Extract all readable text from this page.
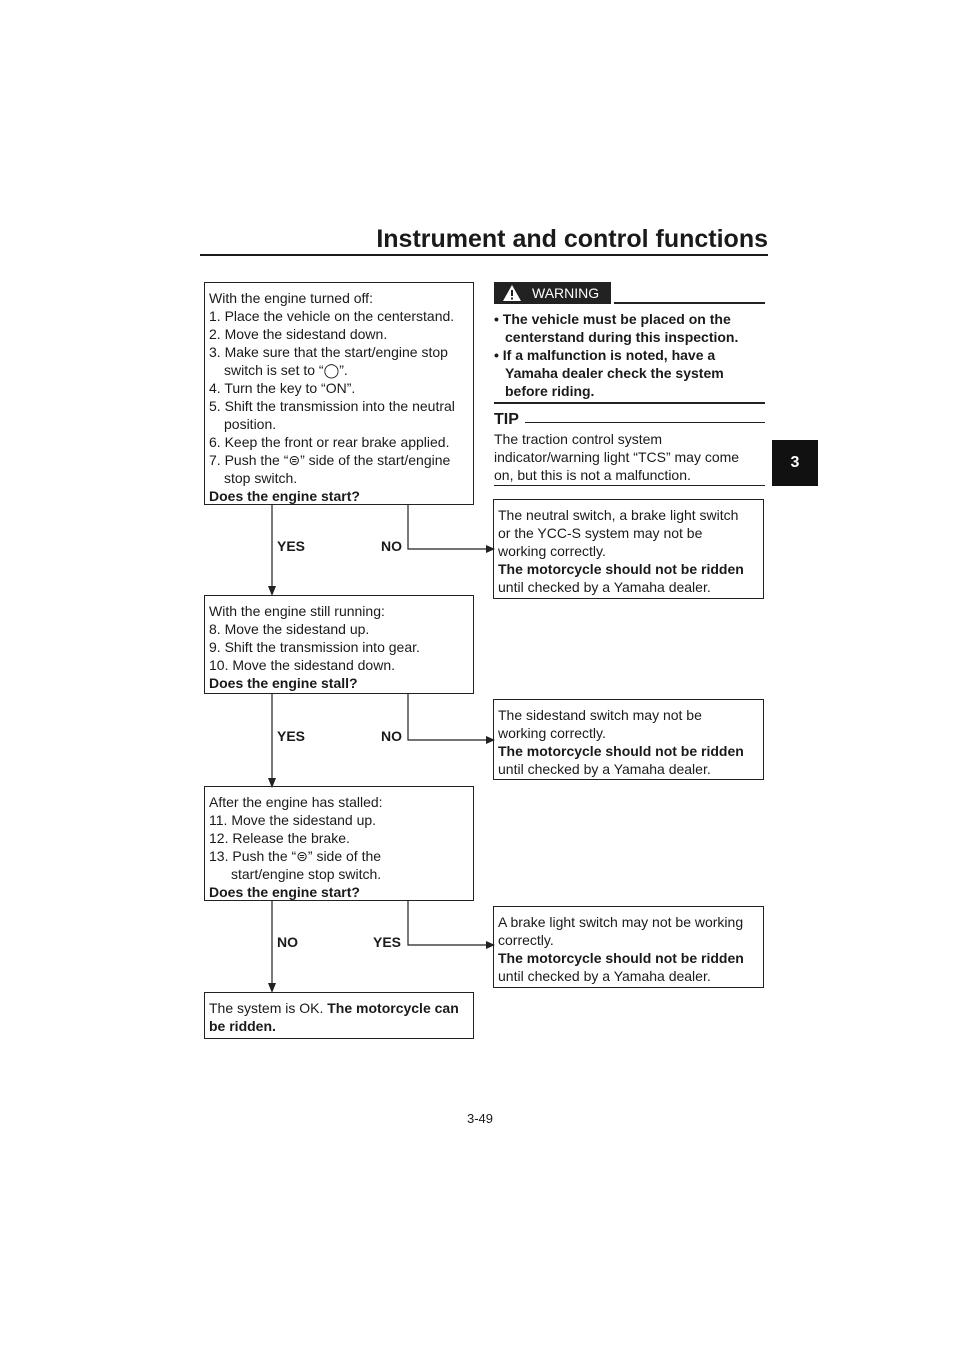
Instrument and control functions
3
With the engine turned off:
1. Place the vehicle on the centerstand.
2. Move the sidestand down.
3. Make sure that the start/engine stop
switch is set to “◯”.
4. Turn the key to “ON”.
5. Shift the transmission into the neutral
position.
6. Keep the front or rear brake applied.
7. Push the “⊜” side of the start/engine
stop switch.
Does the engine start?
YES	NO
The neutral switch, a brake light switch
or the YCC-S system may not be
working correctly.
The motorcycle should not be ridden
until checked by a Yamaha dealer.
With the engine still running:
8. Move the sidestand up.
9. Shift the transmission into gear.
10. Move the sidestand down.
Does the engine stall?
YES	NO
The sidestand switch may not be
working correctly.
The motorcycle should not be ridden
until checked by a Yamaha dealer.
After the engine has stalled:
11. Move the sidestand up.
12. Release the brake.
13. Push the “⊜” side of the
start/engine stop switch.
Does the engine start?
NO	YES
A brake light switch may not be working
correctly.
The motorcycle should not be ridden
until checked by a Yamaha dealer.
The system is OK. The motorcycle can be ridden.
WARNING
• The vehicle must be placed on the
centerstand during this inspection.
• If a malfunction is noted, have a
Yamaha dealer check the system
before riding.
TIP
The traction control system
indicator/warning light “TCS” may come
on, but this is not a malfunction.
3-49
